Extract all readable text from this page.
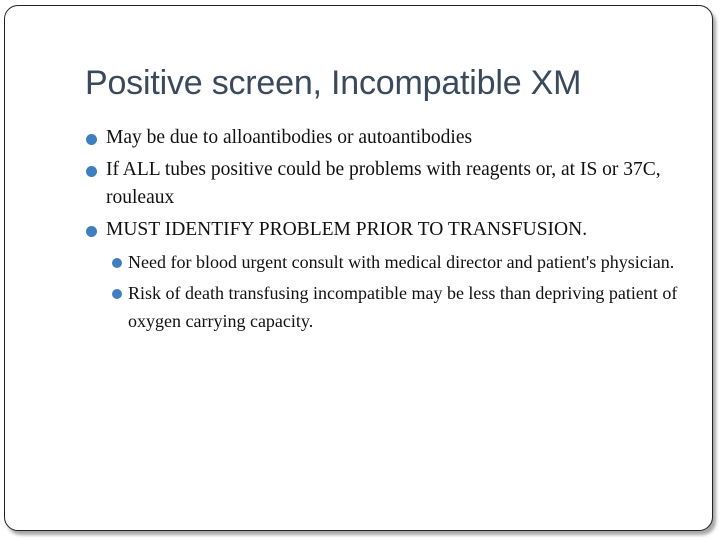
Positive screen, Incompatible XM
May be due to alloantibodies or autoantibodies
If ALL tubes positive could be problems with reagents or, at IS or 37C, rouleaux
MUST IDENTIFY PROBLEM PRIOR TO TRANSFUSION.
Need for blood urgent consult with medical director and patient's physician.
Risk of death transfusing incompatible may be less than depriving patient of oxygen carrying capacity.
